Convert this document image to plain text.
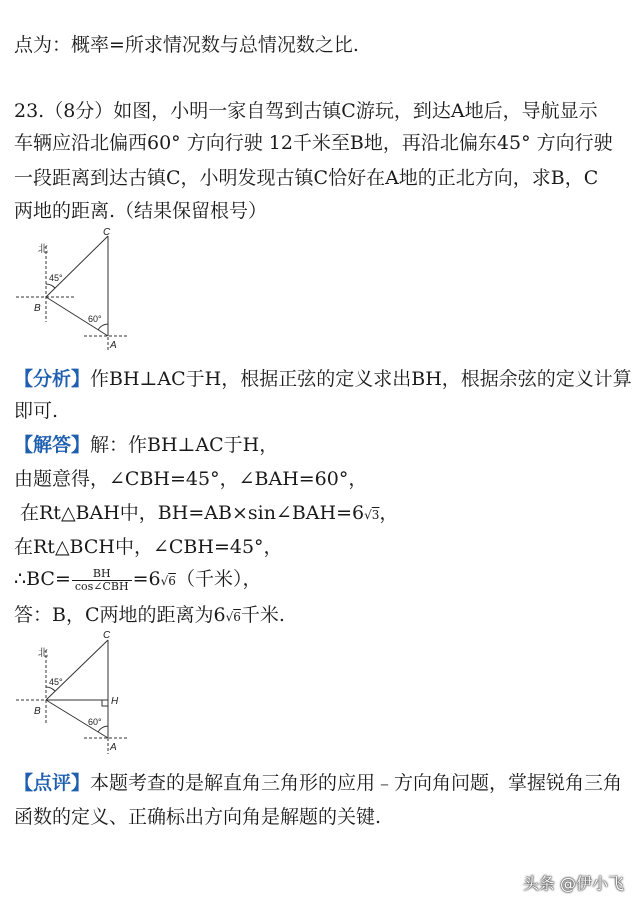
点为：概率=所求情况数与总情况数之比.
23.（8分）如图，小明一家自驾到古镇C游玩，到达A地后，导航显示
车辆应沿北偏西60° 方向行驶 12千米至B地，再沿北偏东45° 方向行驶
一段距离到达古镇C，小明发现古镇C恰好在A地的正北方向，求B，C
两地的距离.（结果保留根号）
北
C
B
A
45°
60°
【分析】作BH⊥AC于H，根据正弦的定义求出BH，根据余弦的定义计算
即可.
【解答】解：作BH⊥AC于H，
由题意得，∠CBH=45°，∠BAH=60°，
在Rt△BAH中，BH=AB×sin∠BAH=6√3，
在Rt△BCH中，∠CBH=45°，
∴BC= $\frac{BH}{\text{cos∠CBH}} =6√6$（千米），
答：B，C两地的距离为6√6千米.
北
C
B
H
A
45°
60°
【点评】本题考查的是解直角三角形的应用﹣方向角问题，掌握锐角三角
函数的定义、正确标出方向角是解题的关键.
头条 @伊小飞
